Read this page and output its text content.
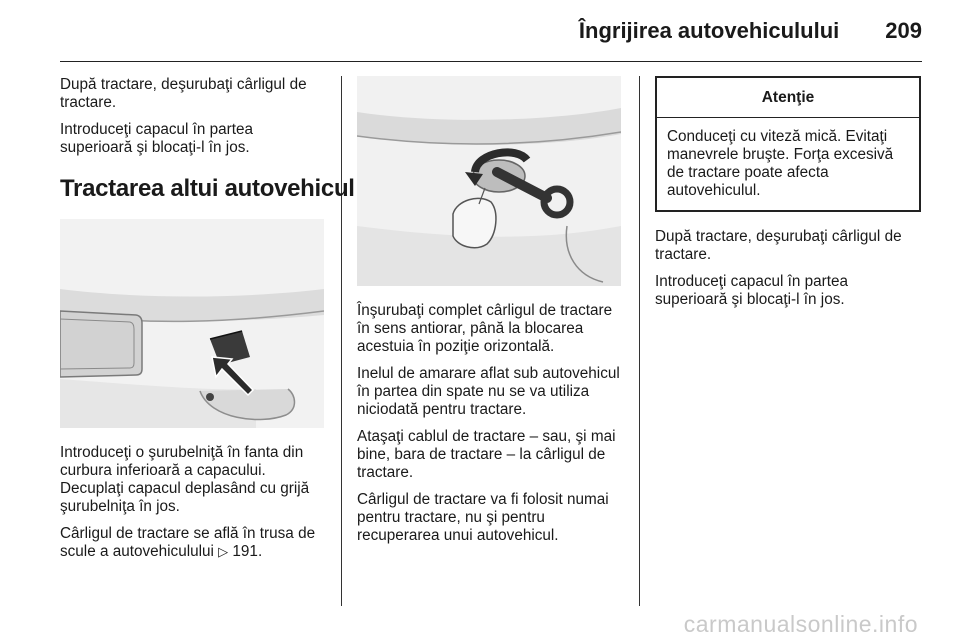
Îngrijirea autovehiculului 209

După tractare, deşurubaţi cârligul de tractare.

Introduceţi capacul în partea superioară şi blocaţi-l în jos.

Tractarea altui autovehicul

Introduceţi o şurubelniţă în fanta din curbura inferioară a capacului. Decuplaţi capacul deplasând cu grijă şurubelniţa în jos.

Cârligul de tractare se află în trusa de scule a autovehiculului ▷ 191.

Înşurubaţi complet cârligul de tractare în sens antiorar, până la blocarea acestuia în poziţie orizontală.

Inelul de amarare aflat sub autovehicul în partea din spate nu se va utiliza niciodată pentru tractare.

Ataşaţi cablul de tractare – sau, şi mai bine, bara de tractare – la cârligul de tractare.

Cârligul de tractare va fi folosit numai pentru tractare, nu şi pentru recuperarea unui autovehicul.

Atenţie
Conduceţi cu viteză mică. Evitaţi manevrele bruşte. Forţa excesivă de tractare poate afecta autovehiculul.

După tractare, deşurubaţi cârligul de tractare.

Introduceţi capacul în partea superioară şi blocaţi-l în jos.

carmanualsonline.info
